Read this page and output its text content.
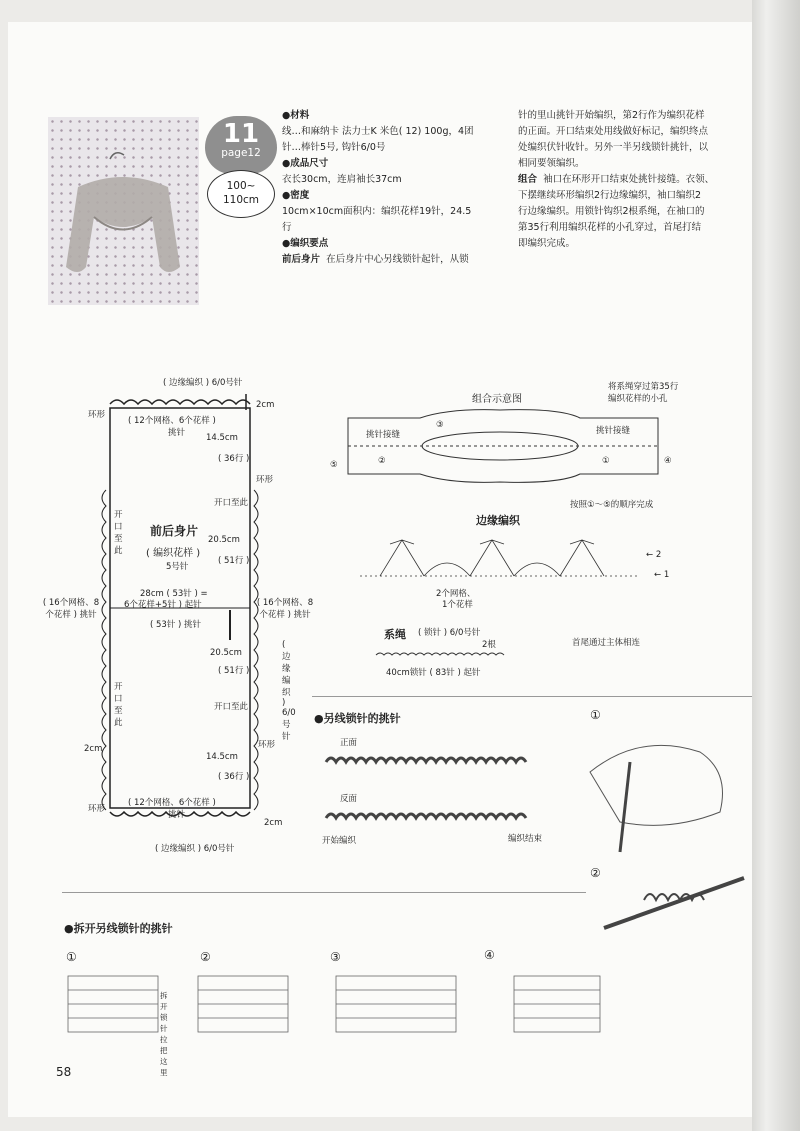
11
page12
100~
110cm
●材料
线…和麻纳卡 法力士K 米色( 12) 100g，4团
针…棒针5号, 钩针6/0号
●成品尺寸
衣长30cm，连肩袖长37cm
●密度
10cm×10cm面积内：编织花样19针，24.5
行
●编织要点
前后身片 在后身片中心另线锁针起针，从锁
针的里山挑针开始编织，第2行作为编织花样
的正面。开口结束处用线做好标记，编织终点
处编织伏针收针。另外一半另线锁针挑针，以
相同要领编织。
组合 袖口在环形开口结束处挑针接缝。衣领、
下摆继续环形编织2行边缘编织，袖口编织2
行边缘编织。用锁针钩织2根系绳，在袖口的
第35行利用编织花样的小孔穿过，首尾打结
即编织完成。
( 边缘编织 ) 6/0号针
( 边缘编织 ) 6/0号针
( 12个网格、6个花样 )
挑针
环形
2cm
14.5cm
( 36行 )
环形
开口至此
20.5cm
( 51行 )
前后身片
( 编织花样 )
5号针
28cm ( 53针 ) =
6个花样+5针 ) 起针
( 53针 ) 挑针
( 16个网格、8个花样 ) 挑针
( 16个网格、8个花样 ) 挑针
开口至此
20.5cm
( 51行 )
( 边缘编织 ) 6/0号针
开口至此
开口至此
环形
2cm
14.5cm
( 36行 )
环形
( 12个网格、6个花样 )
挑针
2cm
组合示意图
将系绳穿过第35行
编织花样的小孔
挑针接缝	挑针接缝
③
②	①	④
⑤
按照①～⑤的顺序完成
边缘编织
← 2
← 1
2个网格、
1个花样
系绳 ( 锁针 ) 6/0号针
2根
40cm锁针 ( 83针 ) 起针
首尾通过主体相连
●另线锁针的挑针
正面
反面
开始编织	编织结束
①
②
●拆开另线锁针的挑针
①	②	③	④
拆开锁针拉把这里
58
